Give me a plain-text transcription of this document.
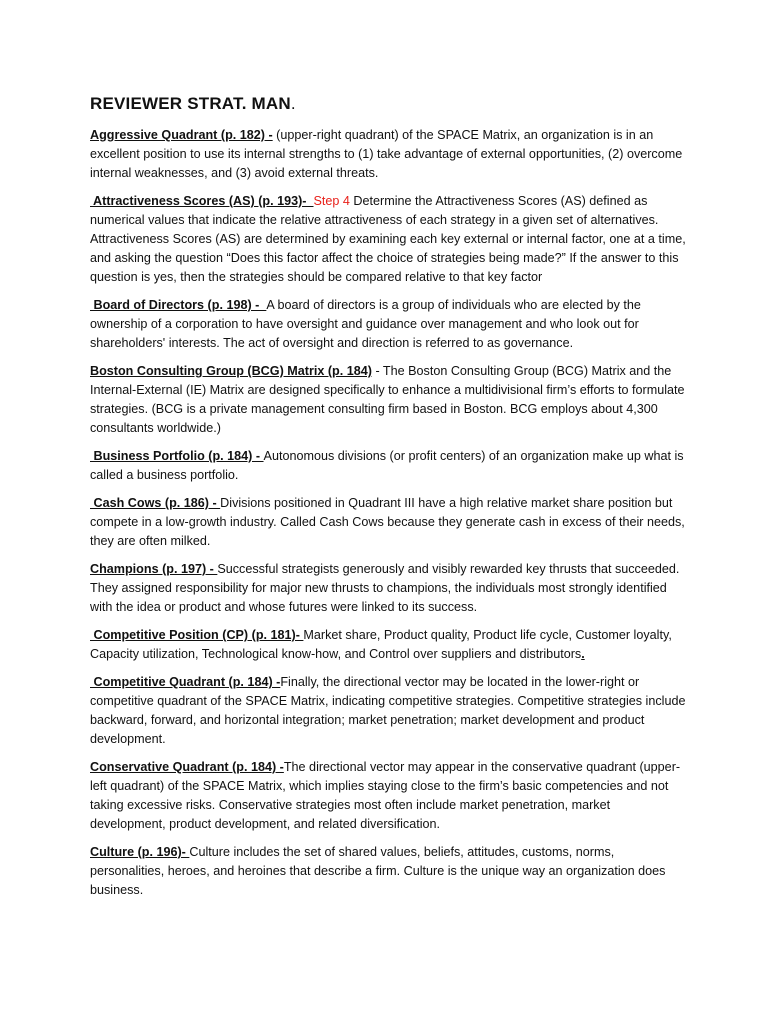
REVIEWER STRAT. MAN.

Aggressive Quadrant (p. 182) - (upper-right quadrant) of the SPACE Matrix, an organization is in an excellent position to use its internal strengths to (1) take advantage of external opportunities, (2) overcome internal weaknesses, and (3) avoid external threats.

Attractiveness Scores (AS) (p. 193)-  Step 4 Determine the Attractiveness Scores (AS) defined as numerical values that indicate the relative attractiveness of each strategy in a given set of alternatives. Attractiveness Scores (AS) are determined by examining each key external or internal factor, one at a time, and asking the question “Does this factor affect the choice of strategies being made?” If the answer to this question is yes, then the strategies should be compared relative to that key factor

Board of Directors (p. 198) -  A board of directors is a group of individuals who are elected by the ownership of a corporation to have oversight and guidance over management and who look out for shareholders' interests. The act of oversight and direction is referred to as governance.

Boston Consulting Group (BCG) Matrix (p. 184) - The Boston Consulting Group (BCG) Matrix and the Internal-External (IE) Matrix are designed specifically to enhance a multidivisional firm’s efforts to formulate strategies. (BCG is a private management consulting firm based in Boston. BCG employs about 4,300 consultants worldwide.)

Business Portfolio (p. 184) - Autonomous divisions (or profit centers) of an organization make up what is called a business portfolio.

Cash Cows (p. 186) - Divisions positioned in Quadrant III have a high relative market share position but compete in a low-growth industry. Called Cash Cows because they generate cash in excess of their needs, they are often milked.

Champions (p. 197) - Successful strategists generously and visibly rewarded key thrusts that succeeded. They assigned responsibility for major new thrusts to champions, the individuals most strongly identified with the idea or product and whose futures were linked to its success.

Competitive Position (CP) (p. 181)- Market share, Product quality, Product life cycle, Customer loyalty, Capacity utilization, Technological know-how, and Control over suppliers and distributors.

Competitive Quadrant (p. 184) -Finally, the directional vector may be located in the lower-right or competitive quadrant of the SPACE Matrix, indicating competitive strategies. Competitive strategies include backward, forward, and horizontal integration; market penetration; market development and product development.

Conservative Quadrant (p. 184) -The directional vector may appear in the conservative quadrant (upper-left quadrant) of the SPACE Matrix, which implies staying close to the firm’s basic competencies and not taking excessive risks. Conservative strategies most often include market penetration, market development, product development, and related diversification.

Culture (p. 196)- Culture includes the set of shared values, beliefs, attitudes, customs, norms, personalities, heroes, and heroines that describe a firm. Culture is the unique way an organization does business.
